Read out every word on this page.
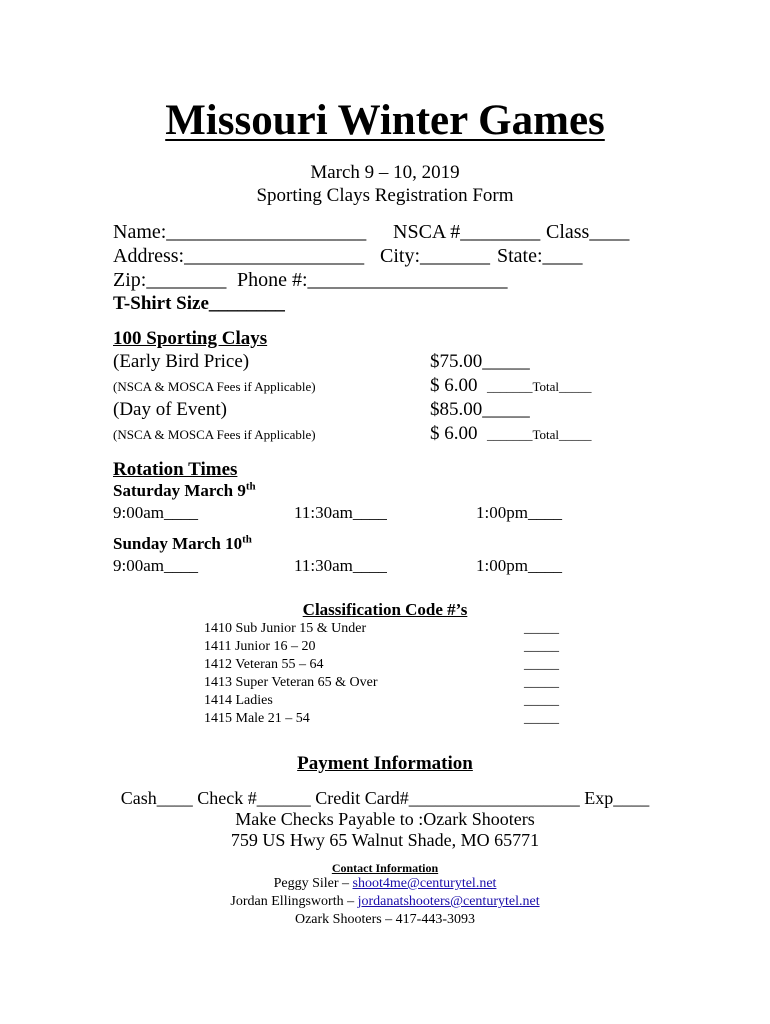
Missouri Winter Games
March 9 – 10, 2019
Sporting Clays Registration Form
Name:____________________ NSCA #________ Class____
Address:__________________ City:_______ State:____
Zip:________ Phone #:____________________
T-Shirt Size________
100 Sporting Clays
(Early Bird Price)	$75.00_____
(NSCA & MOSCA Fees if Applicable)	$ 6.00 _______Total_____
(Day of Event)	$85.00_____
(NSCA & MOSCA Fees if Applicable)	$ 6.00 _______Total_____
Rotation Times
Saturday March 9th
9:00am____	11:30am____	1:00pm____
Sunday March 10th
9:00am____	11:30am____	1:00pm____
Classification Code #’s
1410 Sub Junior 15 & Under	_____
1411 Junior 16 – 20	_____
1412 Veteran 55 – 64	_____
1413 Super Veteran 65 & Over	_____
1414 Ladies	_____
1415 Male 21 – 54	_____
Payment Information
Cash____ Check #______ Credit Card#___________________ Exp____
Make Checks Payable to :Ozark Shooters
759 US Hwy 65 Walnut Shade, MO 65771
Contact Information
Peggy Siler – shoot4me@centurytel.net
Jordan Ellingsworth – jordanatshooters@centurytel.net
Ozark Shooters – 417-443-3093
